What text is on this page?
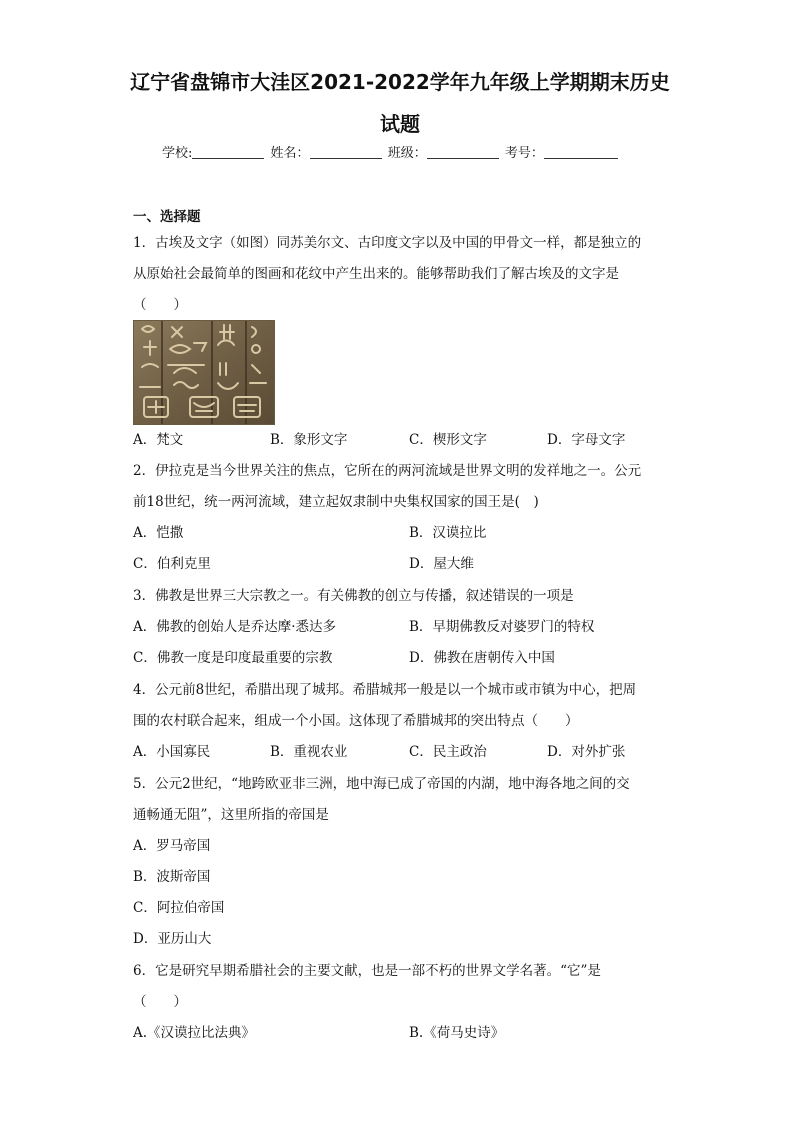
辽宁省盘锦市大洼区2021-2022学年九年级上学期期末历史
试题
学校:	姓名：	班级：	考号：
一、选择题
1．古埃及文字（如图）同苏美尔文、古印度文字以及中国的甲骨文一样，都是独立的
从原始社会最简单的图画和花纹中产生出来的。能够帮助我们了解古埃及的文字是
（　　）
A．梵文	B．象形文字	C．楔形文字	D．字母文字
2．伊拉克是当今世界关注的焦点，它所在的两河流域是世界文明的发祥地之一。公元
前18世纪，统一两河流域，建立起奴隶制中央集权国家的国王是(　)
A．恺撒	B．汉谟拉比
C．伯利克里	D．屋大维
3．佛教是世界三大宗教之一。有关佛教的创立与传播，叙述错误的一项是
A．佛教的创始人是乔达摩·悉达多	B．早期佛教反对婆罗门的特权
C．佛教一度是印度最重要的宗教	D．佛教在唐朝传入中国
4．公元前8世纪，希腊出现了城邦。希腊城邦一般是以一个城市或市镇为中心，把周
围的农村联合起来，组成一个小国。这体现了希腊城邦的突出特点（　　）
A．小国寡民	B．重视农业	C．民主政治	D．对外扩张
5．公元2世纪，“地跨欧亚非三洲，地中海已成了帝国的内湖，地中海各地之间的交
通畅通无阻”，这里所指的帝国是
A．罗马帝国
B．波斯帝国
C．阿拉伯帝国
D．亚历山大
6．它是研究早期希腊社会的主要文献，也是一部不朽的世界文学名著。“它”是
（　　）
A.《汉谟拉比法典》	B.《荷马史诗》
